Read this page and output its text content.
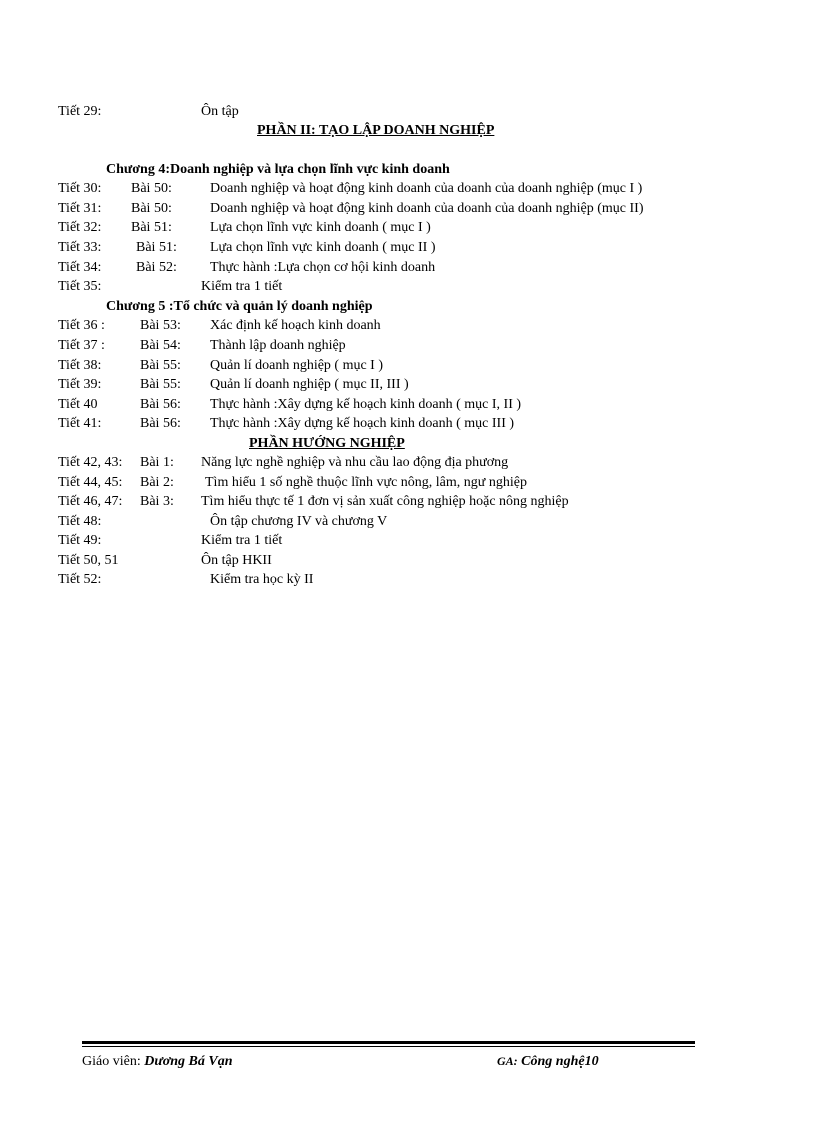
Tiết 29:	Ôn tập
PHẦN II: TẠO LẬP DOANH NGHIỆP
Chương 4:Doanh nghiệp và lựa chọn lĩnh vực kinh doanh
Tiết 30: Bài 50:	Doanh nghiệp và hoạt động kinh doanh của doanh của doanh nghiệp (mục I )
Tiết 31: Bài 50:	Doanh nghiệp và hoạt động kinh doanh của doanh của doanh nghiệp (mục II)
Tiết 32: Bài 51:	Lựa chọn lĩnh vực kinh doanh ( mục I )
Tiết 33: Bài 51: Lựa chọn lĩnh vực kinh doanh ( mục II )
Tiết 34: Bài 52: Thực hành :Lựa chọn cơ hội kinh doanh
Tiết 35:	Kiểm tra 1 tiết
Chương 5 :Tổ chức và quản lý doanh nghiệp
Tiết 36 :	Bài 53: Xác định kế hoạch kinh doanh
Tiết 37 :	Bài 54: Thành lập doanh nghiệp
Tiết 38:	Bài 55: Quản lí doanh nghiệp ( mục I )
Tiết 39:	Bài 55: Quản lí doanh nghiệp ( mục II, III )
Tiết 40	Bài 56: Thực hành :Xây dựng kế hoạch kinh doanh ( mục I, II )
Tiết 41:	Bài 56: Thực hành :Xây dựng kế hoạch kinh doanh ( mục III )
PHẦN HƯỚNG NGHIỆP
Tiết 42, 43: Bài 1: Năng lực nghề nghiệp và nhu cầu lao động địa phương
Tiết 44, 45: Bài 2: Tìm hiểu 1 số nghề thuộc lĩnh vực nông, lâm, ngư nghiệp
Tiết 46, 47: Bài 3: Tìm hiểu thực tế 1 đơn vị sản xuất công nghiệp hoặc nông nghiệp
Tiết 48:	Ôn tập chương IV và chương V
Tiết 49:	Kiểm tra 1 tiết
Tiết 50, 51	Ôn tập HKII
Tiết 52:	Kiểm tra học kỳ II
Giáo viên: Dương Bá Vạn	GA: Công nghệ10
